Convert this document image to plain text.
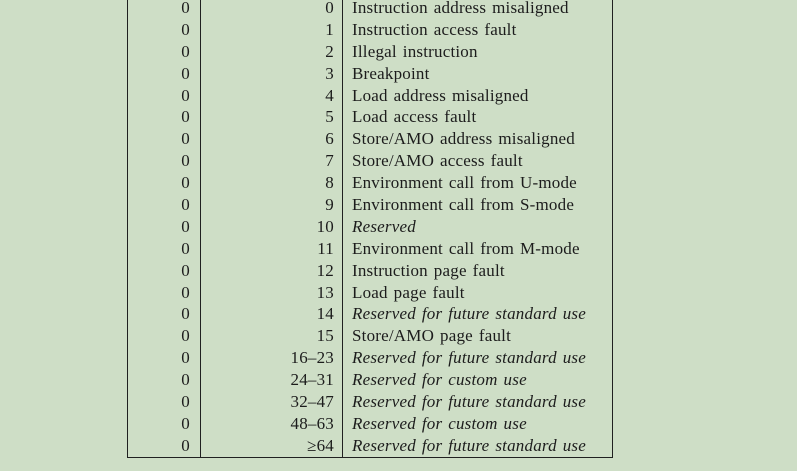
0	0	Instruction address misaligned
0	1	Instruction access fault
0	2	Illegal instruction
0	3	Breakpoint
0	4	Load address misaligned
0	5	Load access fault
0	6	Store/AMO address misaligned
0	7	Store/AMO access fault
0	8	Environment call from U-mode
0	9	Environment call from S-mode
0	10	Reserved
0	11	Environment call from M-mode
0	12	Instruction page fault
0	13	Load page fault
0	14	Reserved for future standard use
0	15	Store/AMO page fault
0	16–23	Reserved for future standard use
0	24–31	Reserved for custom use
0	32–47	Reserved for future standard use
0	48–63	Reserved for custom use
0	≥64	Reserved for future standard use
